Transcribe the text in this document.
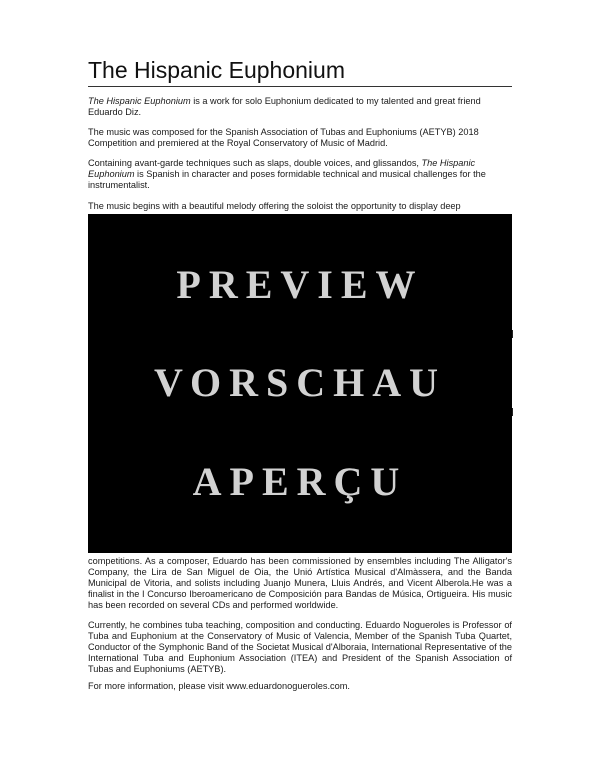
The Hispanic Euphonium

The Hispanic Euphonium is a work for solo Euphonium dedicated to my talented and great friend Eduardo Diz.

The music was composed for the Spanish Association of Tubas and Euphoniums (AETYB) 2018 Competition and premiered at the Royal Conservatory of Music of Madrid.

Containing avant-garde techniques such as slaps, double voices, and glissandos, The Hispanic Euphonium is Spanish in character and poses formidable technical and musical challenges for the instrumentalist.

The music begins with a beautiful melody offering the soloist the opportunity to display deep

PREVIEW
VORSCHAU
APERÇU

competitions. As a composer, Eduardo has been commissioned by ensembles including The Alligator's Company, the Lira de San Miguel de Oia, the Unió Artística Musical d'Almàssera, and the Banda Municipal de Vitoria, and solists including Juanjo Munera, Lluis Andrés, and Vicent Alberola.He was a finalist in the I Concurso Iberoamericano de Composición para Bandas de Música, Ortigueira. His music has been recorded on several CDs and performed worldwide.

Currently, he combines tuba teaching, composition and conducting. Eduardo Nogueroles is Professor of Tuba and Euphonium at the Conservatory of Music of Valencia, Member of the Spanish Tuba Quartet, Conductor of the Symphonic Band of the Societat Musical d'Alboraia, International Representative of the International Tuba and Euphonium Association (ITEA) and President of the Spanish Association of Tubas and Euphoniums (AETYB).

For more information, please visit www.eduardonogueroles.com.
